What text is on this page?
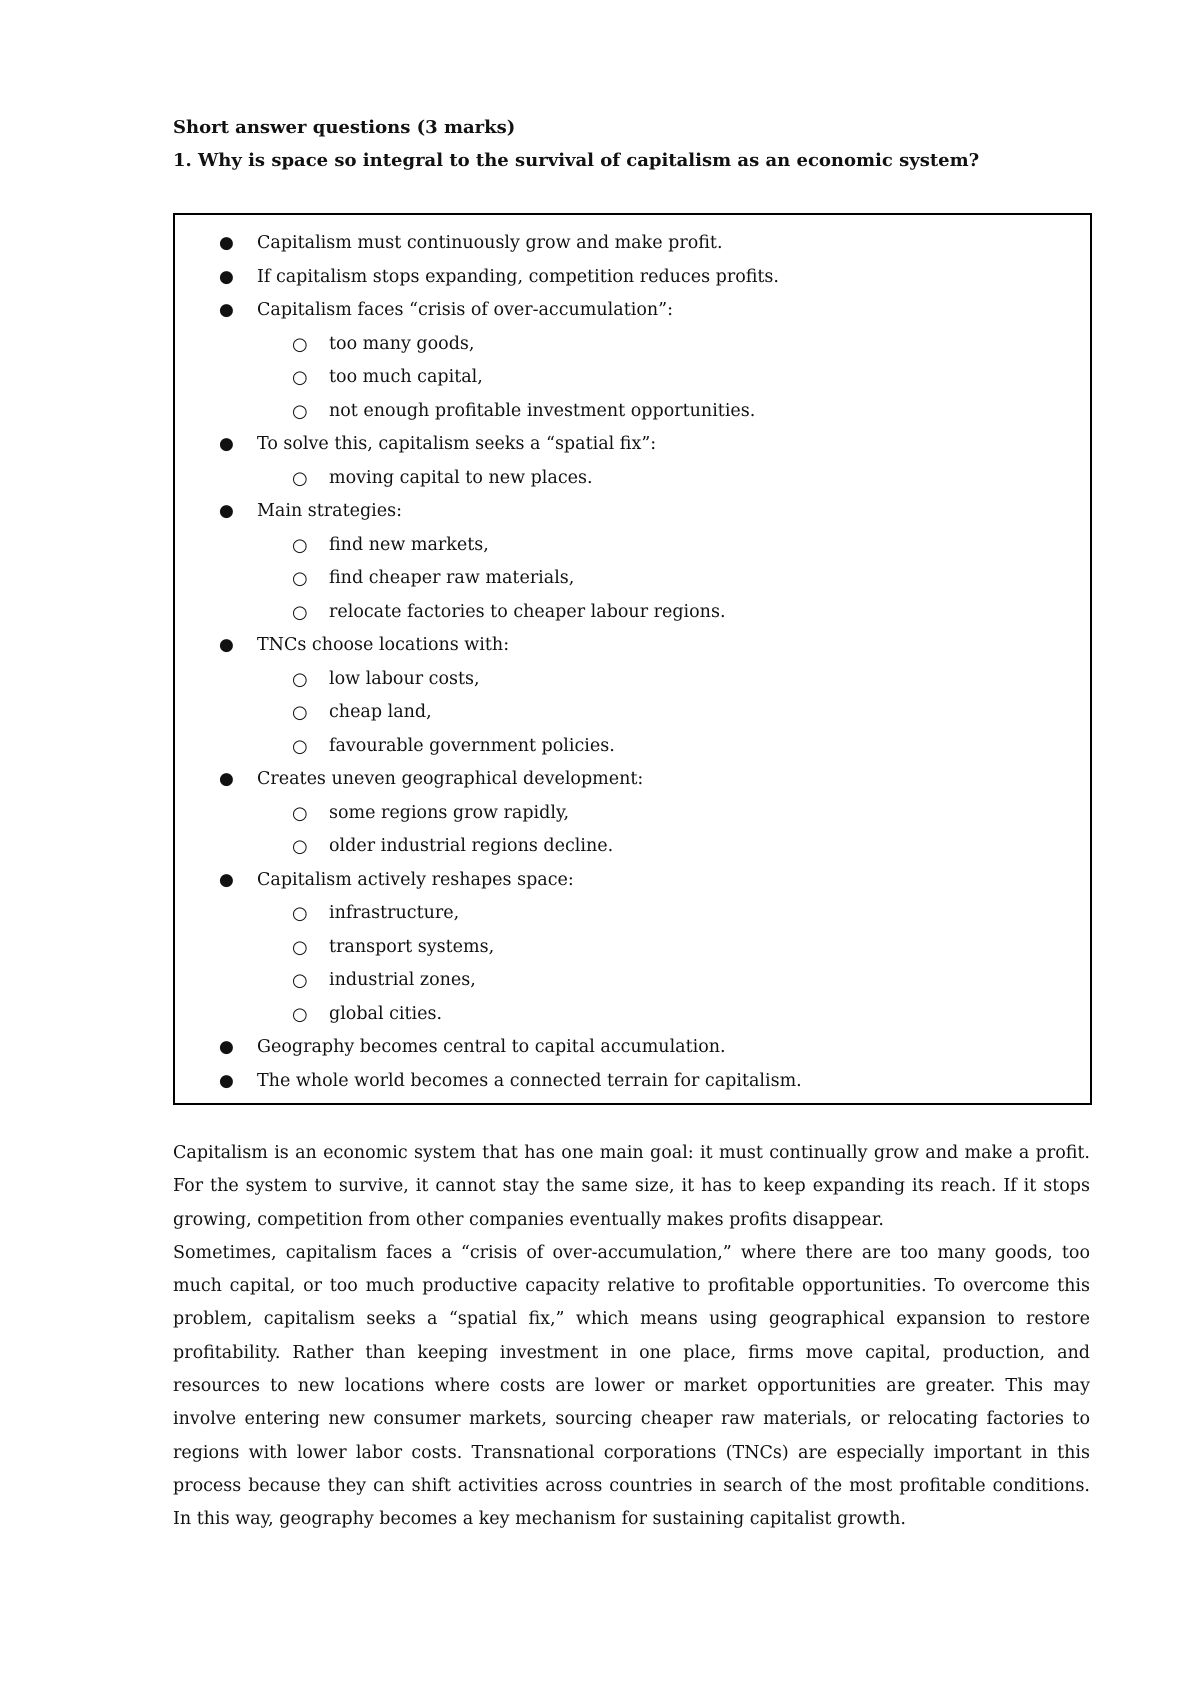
Short answer questions (3 marks)
1. Why is space so integral to the survival of capitalism as an economic system?
● Capitalism must continuously grow and make profit.
● If capitalism stops expanding, competition reduces profits.
● Capitalism faces “crisis of over-accumulation”:
○ too many goods,
○ too much capital,
○ not enough profitable investment opportunities.
● To solve this, capitalism seeks a “spatial fix”:
○ moving capital to new places.
● Main strategies:
○ find new markets,
○ find cheaper raw materials,
○ relocate factories to cheaper labour regions.
● TNCs choose locations with:
○ low labour costs,
○ cheap land,
○ favourable government policies.
● Creates uneven geographical development:
○ some regions grow rapidly,
○ older industrial regions decline.
● Capitalism actively reshapes space:
○ infrastructure,
○ transport systems,
○ industrial zones,
○ global cities.
● Geography becomes central to capital accumulation.
● The whole world becomes a connected terrain for capitalism.

Capitalism is an economic system that has one main goal: it must continually grow and make a profit. For the system to survive, it cannot stay the same size, it has to keep expanding its reach. If it stops growing, competition from other companies eventually makes profits disappear.

Sometimes, capitalism faces a “crisis of over-accumulation,” where there are too many goods, too much capital, or too much productive capacity relative to profitable opportunities. To overcome this problem, capitalism seeks a “spatial fix,” which means using geographical expansion to restore profitability. Rather than keeping investment in one place, firms move capital, production, and resources to new locations where costs are lower or market opportunities are greater. This may involve entering new consumer markets, sourcing cheaper raw materials, or relocating factories to regions with lower labor costs. Transnational corporations (TNCs) are especially important in this process because they can shift activities across countries in search of the most profitable conditions. In this way, geography becomes a key mechanism for sustaining capitalist growth.
